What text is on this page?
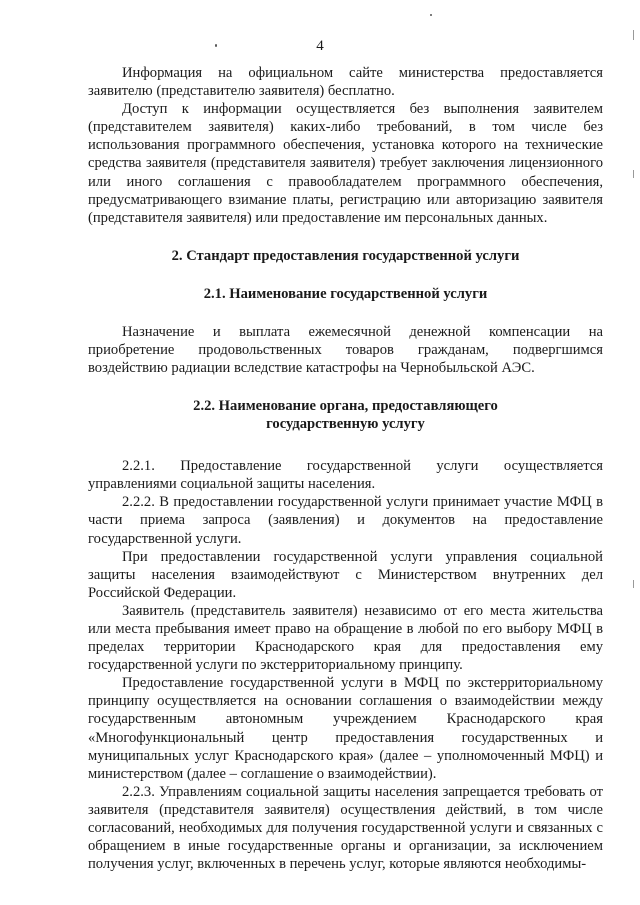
4

Информация на официальном сайте министерства предоставляется заявителю (представителю заявителя) бесплатно.

Доступ к информации осуществляется без выполнения заявителем (представителем заявителя) каких-либо требований, в том числе без использования программного обеспечения, установка которого на технические средства заявителя (представителя заявителя) требует заключения лицензионного или иного соглашения с правообладателем программного обеспечения, предусматривающего взимание платы, регистрацию или авторизацию заявителя (представителя заявителя) или предоставление им персональных данных.

2. Стандарт предоставления государственной услуги

2.1. Наименование государственной услуги

Назначение и выплата ежемесячной денежной компенсации на приобретение продовольственных товаров гражданам, подвергшимся воздействию радиации вследствие катастрофы на Чернобыльской АЭС.

2.2. Наименование органа, предоставляющего

государственную услугу

2.2.1. Предоставление государственной услуги осуществляется управлениями социальной защиты населения.

2.2.2. В предоставлении государственной услуги принимает участие МФЦ в части приема запроса (заявления) и документов на предоставление государственной услуги.

При предоставлении государственной услуги управления социальной защиты населения взаимодействуют с Министерством внутренних дел Российской Федерации.

Заявитель (представитель заявителя) независимо от его места жительства или места пребывания имеет право на обращение в любой по его выбору МФЦ в пределах территории Краснодарского края для предоставления ему государственной услуги по экстерриториальному принципу.

Предоставление государственной услуги в МФЦ по экстерриториальному принципу осуществляется на основании соглашения о взаимодействии между государственным автономным учреждением Краснодарского края «Многофункциональный центр предоставления государственных и муниципальных услуг Краснодарского края» (далее – уполномоченный МФЦ) и министерством (далее – соглашение о взаимодействии).

2.2.3. Управлениям социальной защиты населения запрещается требовать от заявителя (представителя заявителя) осуществления действий, в том числе согласований, необходимых для получения государственной услуги и связанных с обращением в иные государственные органы и организации, за исключением получения услуг, включенных в перечень услуг, которые являются необходимы-
